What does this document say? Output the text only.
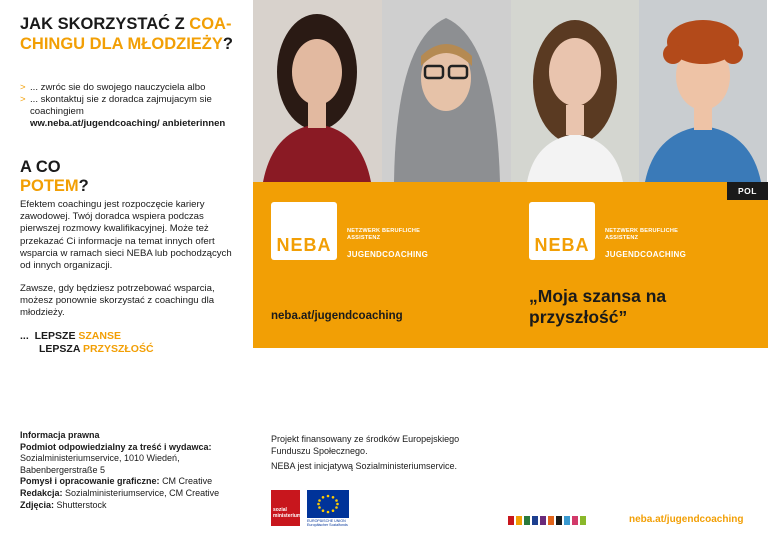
JAK SKORZYSTAĆ Z COA-CHINGU DLA MŁODZIEŻY?
> ... zwróc sie do swojego nauczyciela albo
> ... skontaktuj sie z doradca zajmujacym sie coachingiem
ww.neba.at/jugendcoaching/ anbieterinnen
A CO
POTEM?
Efektem coachingu jest rozpoczęcie kariery zawodowej. Twój doradca wspiera podczas pierwszej rozmowy kwalifikacyjnej. Może też przekazać Ci informacje na temat innych ofert wsparcia w ramach sieci NEBA lub pochodzących od innych organizacji.
Zawsze, gdy będziesz potrzebować wsparcia, możesz ponownie skorzystać z coachingu dla młodzieży.
... LEPSZE SZANSE
LEPSZA PRZYSZŁOŚĆ
Informacja prawna
Podmiot odpowiedzialny za treść i wydawca:
Sozialministeriumservice, 1010 Wiedeń, Babenbergerstraße 5
Pomysł i opracowanie graficzne: CM Creative
Redakcja: Sozialministeriumservice, CM Creative
Zdjęcia: Shutterstock
Projekt finansowany ze środków Europejskiego Funduszu Społecznego.
NEBA jest inicjatywą Sozialministeriumservice.
POL
NEBA
NETZWERK BERUFLICHE ASSISTENZ
JUGENDCOACHING	NEBA
NETZWERK BERUFLICHE ASSISTENZ
JUGENDCOACHING
neba.at/jugendcoaching
„Moja szansa na przyszłość”
sozial ministerium
EUROPÄISCHE UNION Europäischer Sozialfonds	neba.at/jugendcoaching
